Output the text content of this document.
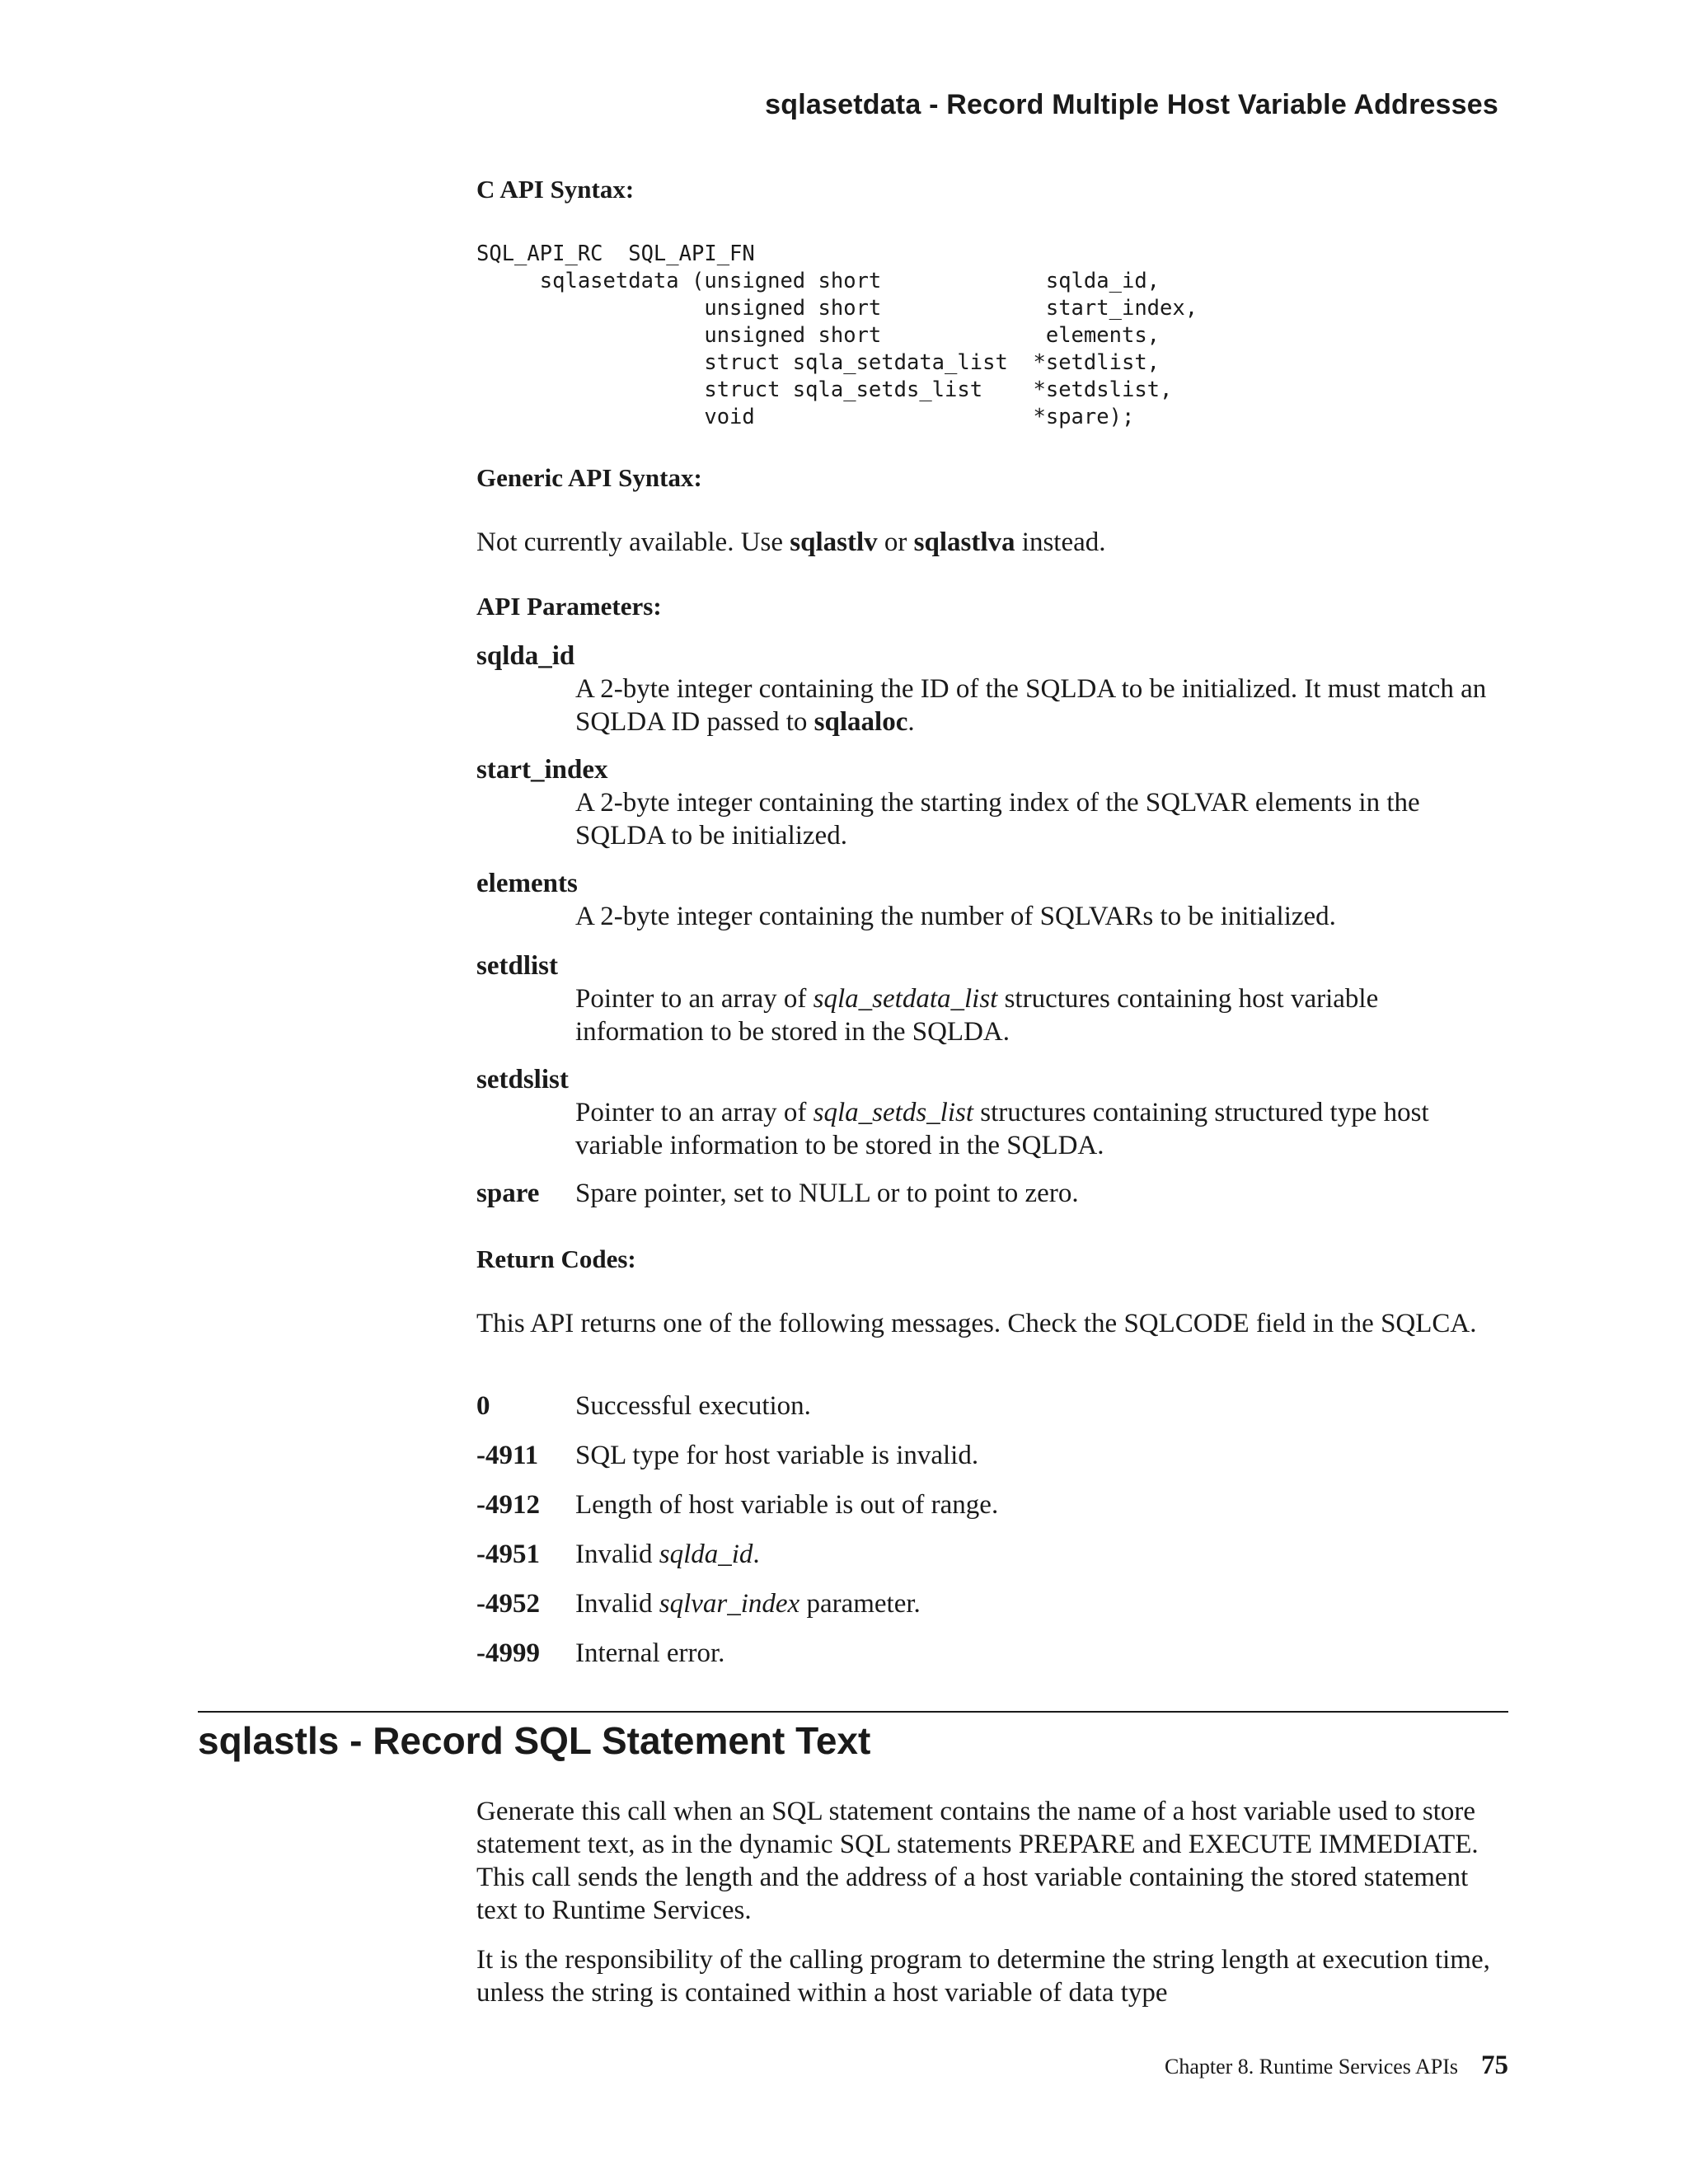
sqlasetdata - Record Multiple Host Variable Addresses
C API Syntax:
SQL_API_RC  SQL_API_FN
sqlasetdata (unsigned short             sqlda_id,
unsigned short             start_index,
unsigned short             elements,
struct sqla_setdata_list  *setdlist,
struct sqla_setds_list    *setdslist,
void                      *spare);
Generic API Syntax:
Not currently available. Use sqlastlv or sqlastlva instead.
API Parameters:
sqlda_id
A 2-byte integer containing the ID of the SQLDA to be initialized. It must match an SQLDA ID passed to sqlaaloc.
start_index
A 2-byte integer containing the starting index of the SQLVAR elements in the SQLDA to be initialized.
elements
A 2-byte integer containing the number of SQLVARs to be initialized.
setdlist
Pointer to an array of sqla_setdata_list structures containing host variable information to be stored in the SQLDA.
setdslist
Pointer to an array of sqla_setds_list structures containing structured type host variable information to be stored in the SQLDA.
spare Spare pointer, set to NULL or to point to zero.
Return Codes:
This API returns one of the following messages. Check the SQLCODE field in the SQLCA.
0	Successful execution.
-4911 SQL type for host variable is invalid.
-4912 Length of host variable is out of range.
-4951 Invalid sqlda_id.
-4952 Invalid sqlvar_index parameter.
-4999 Internal error.
sqlastls - Record SQL Statement Text
Generate this call when an SQL statement contains the name of a host variable used to store statement text, as in the dynamic SQL statements PREPARE and EXECUTE IMMEDIATE. This call sends the length and the address of a host variable containing the stored statement text to Runtime Services.
It is the responsibility of the calling program to determine the string length at execution time, unless the string is contained within a host variable of data type
Chapter 8. Runtime Services APIs 75
